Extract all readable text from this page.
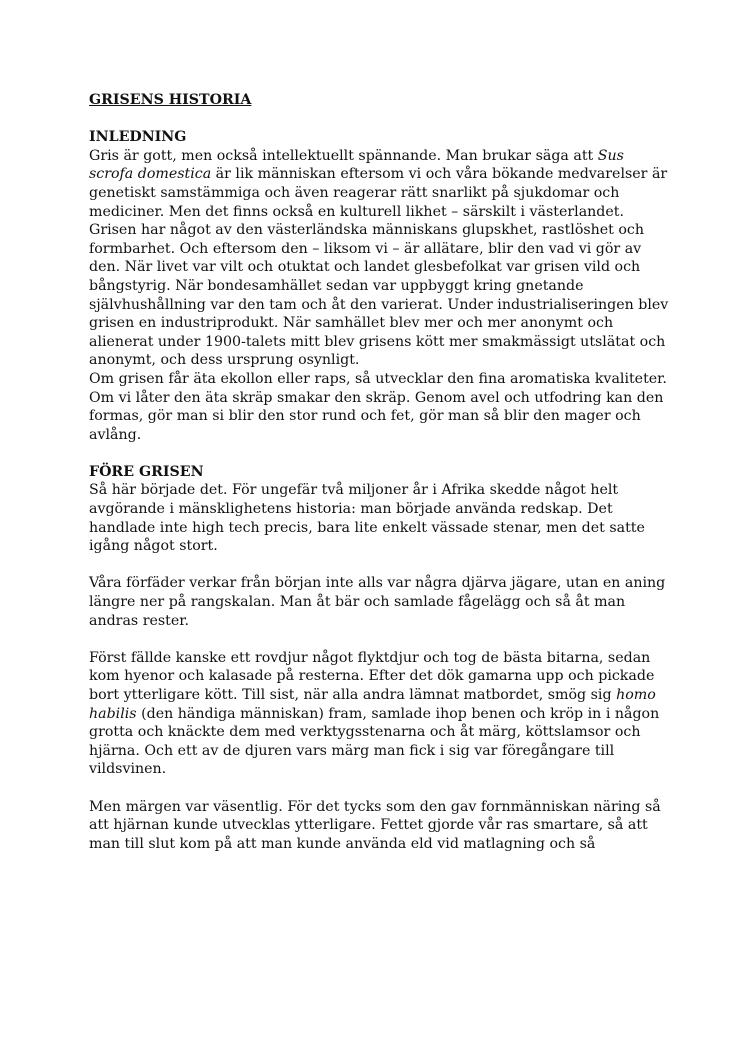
GRISENS HISTORIA
INLEDNING

Gris är gott, men också intellektuellt spännande. Man brukar säga att Sus scrofa domestica är lik människan eftersom vi och våra bökande medvarelser är genetiskt samstämmiga och även reagerar rätt snarlikt på sjukdomar och mediciner. Men det finns också en kulturell likhet – särskilt i västerlandet.

Grisen har något av den västerländska människans glupskhet, rastlöshet och formbarhet. Och eftersom den – liksom vi – är allätare, blir den vad vi gör av den. När livet var vilt och otuktat och landet glesbefolkat var grisen vild och bångstyrig. När bondesamhället sedan var uppbyggt kring gnetande självhushållning var den tam och åt den varierat. Under industrialiseringen blev grisen en industriprodukt. När samhället blev mer och mer anonymt och alienerat under 1900-talets mitt blev grisens kött mer smakmässigt utslätat och anonymt, och dess ursprung osynligt.

Om grisen får äta ekollon eller raps, så utvecklar den fina aromatiska kvaliteter. Om vi låter den äta skräp smakar den skräp. Genom avel och utfodring kan den formas, gör man si blir den stor rund och fet, gör man så blir den mager och avlång.

FÖRE GRISEN

Så här började det. För ungefär två miljoner år i Afrika skedde något helt avgörande i mänsklighetens historia: man började använda redskap. Det handlade inte high tech precis, bara lite enkelt vässade stenar, men det satte igång något stort.

Våra förfäder verkar från början inte alls var några djärva jägare, utan en aning längre ner på rangskalan. Man åt bär och samlade fågelägg och så åt man andras rester.

Först fällde kanske ett rovdjur något flyktdjur och tog de bästa bitarna, sedan kom hyenor och kalasade på resterna. Efter det dök gamarna upp och pickade bort ytterligare kött. Till sist, när alla andra lämnat matbordet, smög sig homo habilis (den händiga människan) fram, samlade ihop benen och kröp in i någon grotta och knäckte dem med verktygsstenarna och åt märg, köttslamsor och hjärna. Och ett av de djuren vars märg man fick i sig var föregångare till vildsvinen.

Men märgen var väsentlig. För det tycks som den gav fornmänniskan näring så att hjärnan kunde utvecklas ytterligare. Fettet gjorde vår ras smartare, så att man till slut kom på att man kunde använda eld vid matlagning och så
